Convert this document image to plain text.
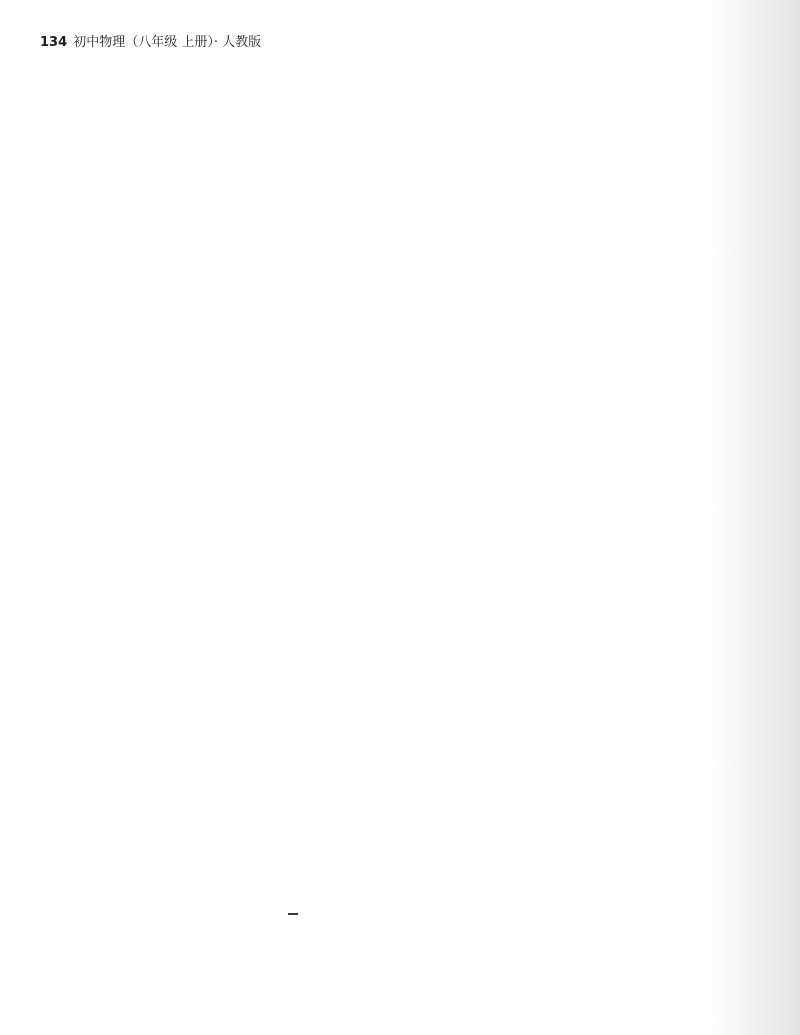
134 初中物理（八年级 上册）· 人教版
